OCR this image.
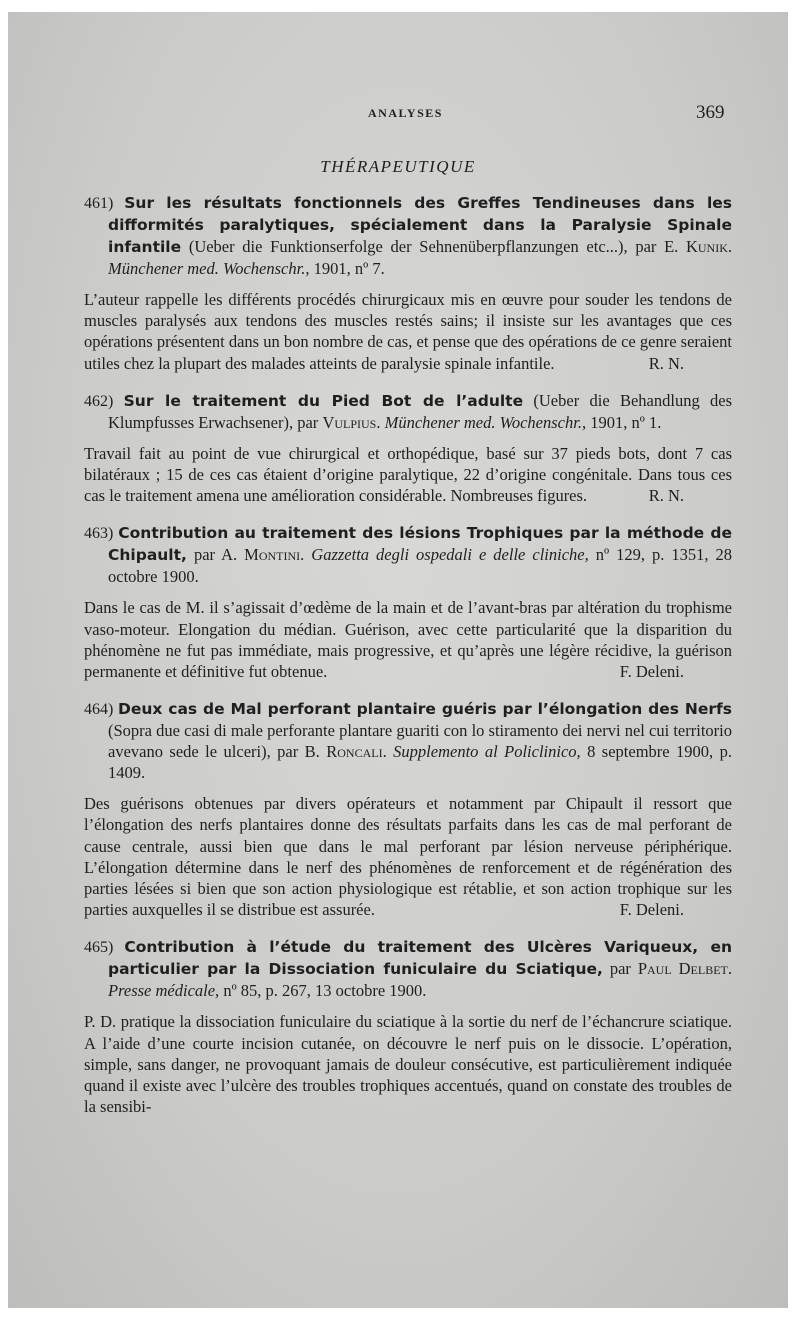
ANALYSES	369
THÉRAPEUTIQUE

461) Sur les résultats fonctionnels des Greffes Tendineuses dans les difformités paralytiques, spécialement dans la Paralysie Spinale infantile (Ueber die Funktionserfolge der Sehnenüberpflanzungen etc...), par E. Kunik. Münchener med. Wochenschr., 1901, nº 7.

L’auteur rappelle les différents procédés chirurgicaux mis en œuvre pour souder les tendons de muscles paralysés aux tendons des muscles restés sains; il insiste sur les avantages que ces opérations présentent dans un bon nombre de cas, et pense que des opérations de ce genre seraient utiles chez la plupart des malades atteints de paralysie spinale infantile.	R. N.

462) Sur le traitement du Pied Bot de l’adulte (Ueber die Behandlung des Klumpfusses Erwachsener), par Vulpius. Münchener med. Wochenschr., 1901, nº 1.

Travail fait au point de vue chirurgical et orthopédique, basé sur 37 pieds bots, dont 7 cas bilatéraux ; 15 de ces cas étaient d’origine paralytique, 22 d’origine congénitale. Dans tous ces cas le traitement amena une amélioration considérable. Nombreuses figures.	R. N.

463) Contribution au traitement des lésions Trophiques par la méthode de Chipault, par A. Montini. Gazzetta degli ospedali e delle cliniche, nº 129, p. 1351, 28 octobre 1900.

Dans le cas de M. il s’agissait d’œdème de la main et de l’avant-bras par altération du trophisme vaso-moteur. Elongation du médian. Guérison, avec cette particularité que la disparition du phénomène ne fut pas immédiate, mais progressive, et qu’après une légère récidive, la guérison permanente et définitive fut obtenue.	F. Deleni.

464) Deux cas de Mal perforant plantaire guéris par l’élongation des Nerfs (Sopra due casi di male perforante plantare guariti con lo stiramento dei nervi nel cui territorio avevano sede le ulceri), par B. Roncali. Supplemento al Policlinico, 8 septembre 1900, p. 1409.

Des guérisons obtenues par divers opérateurs et notamment par Chipault il ressort que l’élongation des nerfs plantaires donne des résultats parfaits dans les cas de mal perforant de cause centrale, aussi bien que dans le mal perforant par lésion nerveuse périphérique. L’élongation détermine dans le nerf des phénomènes de renforcement et de régénération des parties lésées si bien que son action physiologique est rétablie, et son action trophique sur les parties auxquelles il se distribue est assurée.	F. Deleni.

465) Contribution à l’étude du traitement des Ulcères Variqueux, en particulier par la Dissociation funiculaire du Sciatique, par Paul Delbet. Presse médicale, nº 85, p. 267, 13 octobre 1900.

P. D. pratique la dissociation funiculaire du sciatique à la sortie du nerf de l’échancrure sciatique. A l’aide d’une courte incision cutanée, on découvre le nerf puis on le dissocie. L’opération, simple, sans danger, ne provoquant jamais de douleur consécutive, est particulièrement indiquée quand il existe avec l’ulcère des troubles trophiques accentués, quand on constate des troubles de la sensibi-
